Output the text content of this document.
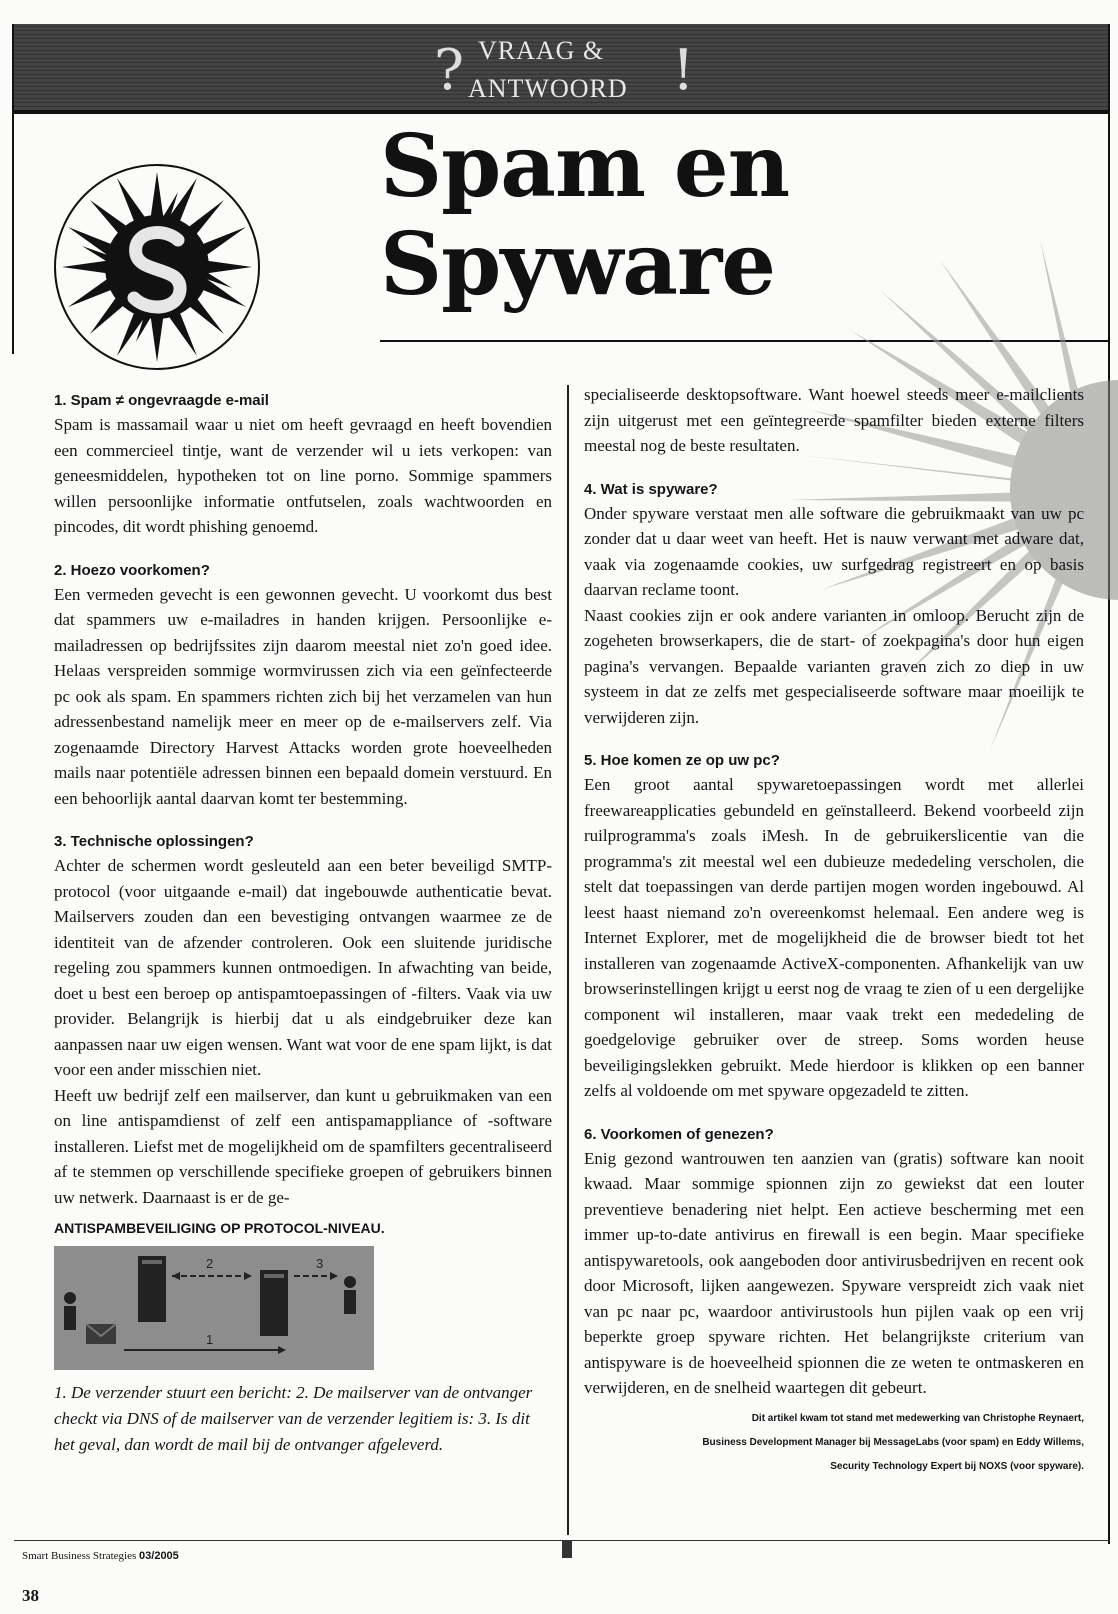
? VRAAG &
ANTWOORD !
Spam en
Spyware

1. Spam ≠ ongevraagde e-mail

Spam is massamail waar u niet om heeft gevraagd en heeft bovendien een commercieel tintje, want de verzender wil u iets verkopen: van geneesmiddelen, hypotheken tot on line porno. Sommige spammers willen persoonlijke informatie ontfutselen, zoals wachtwoorden en pincodes, dit wordt phishing genoemd.

2. Hoezo voorkomen?

Een vermeden gevecht is een gewonnen gevecht. U voorkomt dus best dat spammers uw e-mailadres in handen krijgen. Persoonlijke e-mailadressen op bedrijfssites zijn daarom meestal niet zo'n goed idee. Helaas verspreiden sommige wormvirussen zich via een geïnfecteerde pc ook als spam. En spammers richten zich bij het verzamelen van hun adressenbestand namelijk meer en meer op de e-mailservers zelf. Via zogenaamde Directory Harvest Attacks worden grote hoeveelheden mails naar potentiële adressen binnen een bepaald domein verstuurd. En een behoorlijk aantal daarvan komt ter bestemming.

3. Technische oplossingen?

Achter de schermen wordt gesleuteld aan een beter beveiligd SMTP-protocol (voor uitgaande e-mail) dat ingebouwde authenticatie bevat. Mailservers zouden dan een bevestiging ontvangen waarmee ze de identiteit van de afzender controleren. Ook een sluitende juridische regeling zou spammers kunnen ontmoedigen. In afwachting van beide, doet u best een beroep op antispamtoepassingen of -filters. Vaak via uw provider. Belangrijk is hierbij dat u als eindgebruiker deze kan aanpassen naar uw eigen wensen. Want wat voor de ene spam lijkt, is dat voor een ander misschien niet.

Heeft uw bedrijf zelf een mailserver, dan kunt u gebruikmaken van een on line antispamdienst of zelf een antispamappliance of -software installeren. Liefst met de mogelijkheid om de spamfilters gecentraliseerd af te stemmen op verschillende specifieke groepen of gebruikers binnen uw netwerk. Daarnaast is er de ge-

ANTISPAMBEVEILIGING OP PROTOCOL-NIVEAU.
1
2	3

1. De verzender stuurt een bericht: 2. De mailserver van de ontvanger checkt via DNS of de mailserver van de verzender legitiem is: 3. Is dit het geval, dan wordt de mail bij de ontvanger afgeleverd.

specialiseerde desktopsoftware. Want hoewel steeds meer e-mailclients zijn uitgerust met een geïntegreerde spamfilter bieden externe filters meestal nog de beste resultaten.

4. Wat is spyware?

Onder spyware verstaat men alle software die gebruikmaakt van uw pc zonder dat u daar weet van heeft. Het is nauw verwant met adware dat, vaak via zogenaamde cookies, uw surfgedrag registreert en op basis daarvan reclame toont.

Naast cookies zijn er ook andere varianten in omloop. Berucht zijn de zogeheten browserkapers, die de start- of zoekpagina's door hun eigen pagina's vervangen. Bepaalde varianten graven zich zo diep in uw systeem in dat ze zelfs met gespecialiseerde software maar moeilijk te verwijderen zijn.

5. Hoe komen ze op uw pc?

Een groot aantal spywaretoepassingen wordt met allerlei freewareapplicaties gebundeld en geïnstalleerd. Bekend voorbeeld zijn ruilprogramma's zoals iMesh. In de gebruikerslicentie van die programma's zit meestal wel een dubieuze mededeling verscholen, die stelt dat toepassingen van derde partijen mogen worden ingebouwd. Al leest haast niemand zo'n overeenkomst helemaal. Een andere weg is Internet Explorer, met de mogelijkheid die de browser biedt tot het installeren van zogenaamde ActiveX-componenten. Afhankelijk van uw browserinstellingen krijgt u eerst nog de vraag te zien of u een dergelijke component wil installeren, maar vaak trekt een mededeling de goedgelovige gebruiker over de streep. Soms worden heuse beveiligingslekken gebruikt. Mede hierdoor is klikken op een banner zelfs al voldoende om met spyware opgezadeld te zitten.

6. Voorkomen of genezen?

Enig gezond wantrouwen ten aanzien van (gratis) software kan nooit kwaad. Maar sommige spionnen zijn zo gewiekst dat een louter preventieve benadering niet helpt. Een actieve bescherming met een immer up-to-date antivirus en firewall is een begin. Maar specifieke antispywaretools, ook aangeboden door antivirusbedrijven en recent ook door Microsoft, lijken aangewezen. Spyware verspreidt zich vaak niet van pc naar pc, waardoor antivirustools hun pijlen vaak op een vrij beperkte groep spyware richten. Het belangrijkste criterium van antispyware is de hoeveelheid spionnen die ze weten te ontmaskeren en verwijderen, en de snelheid waartegen dit gebeurt.

Dit artikel kwam tot stand met medewerking van Christophe Reynaert,
Business Development Manager bij MessageLabs (voor spam) en Eddy Willems,
Security Technology Expert bij NOXS (voor spyware).
Smart Business Strategies 03/2005
38
